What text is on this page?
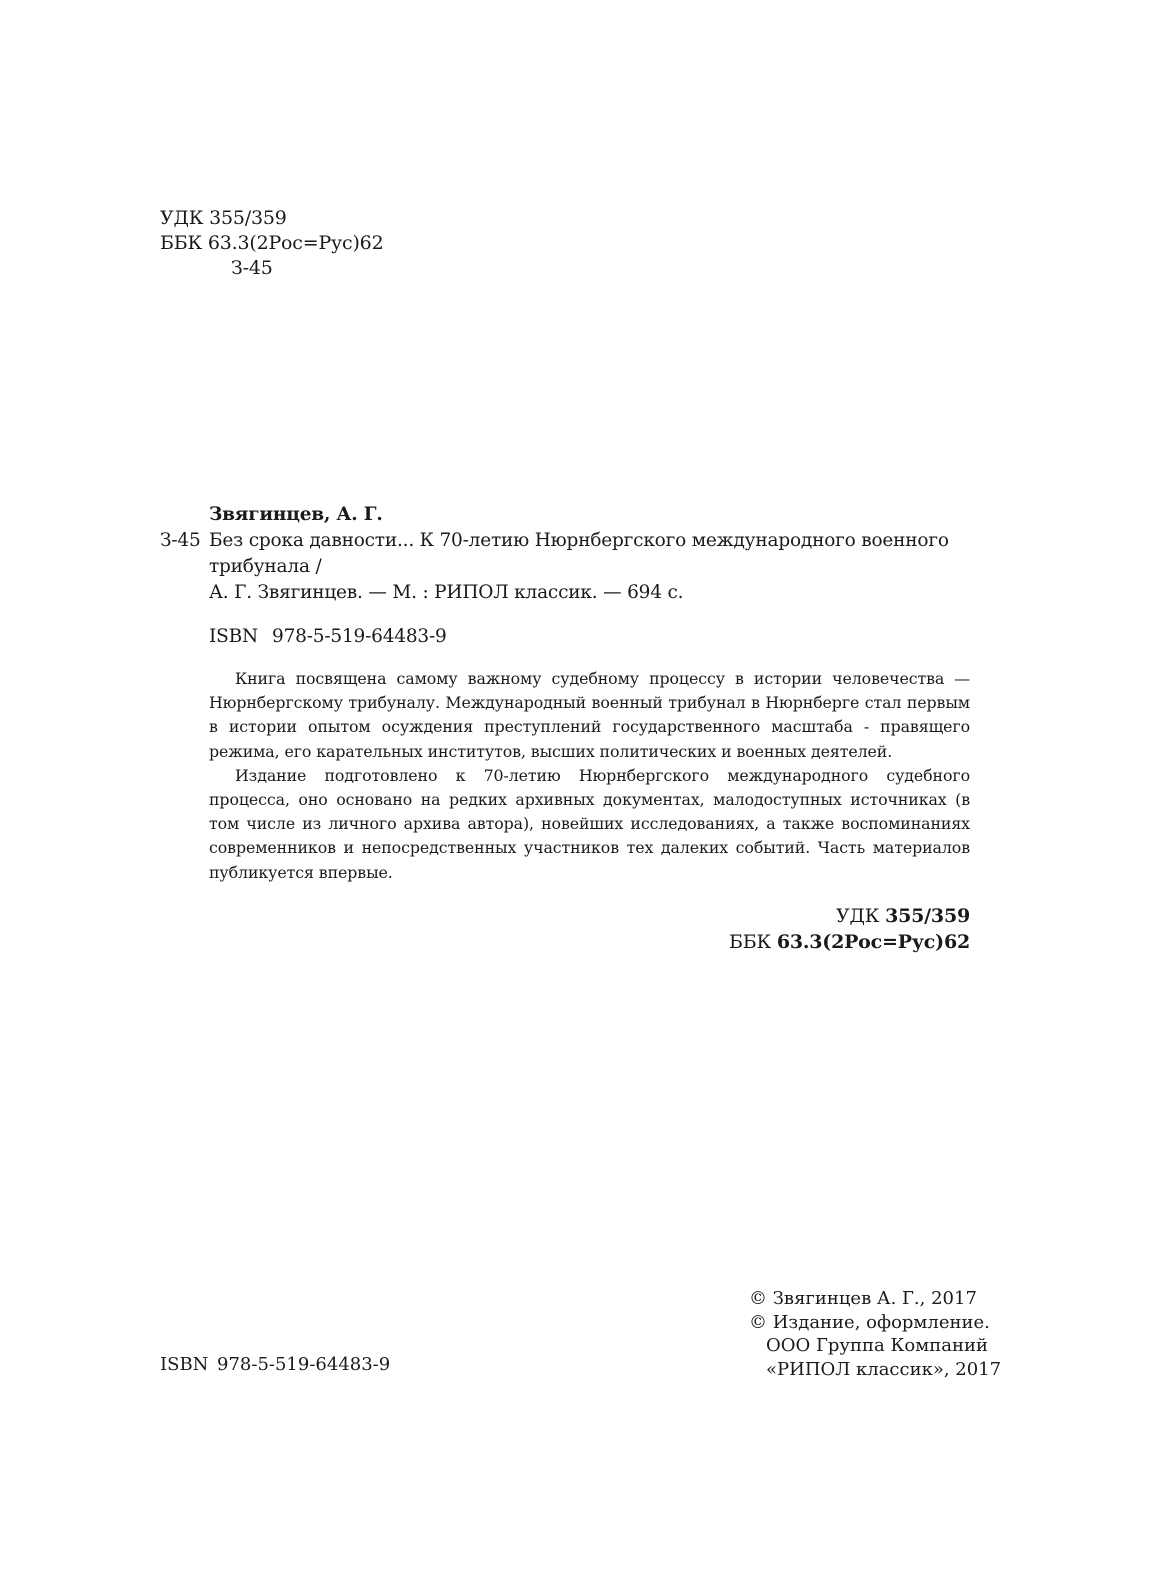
УДК 355/359
ББК 63.3(2Рос=Рус)62
З-45
Звягинцев, А. Г.
З-45 Без срока давности... К 70-летию Нюрнбергского международного военного трибунала /
А. Г. Звягинцев. — М. : РИПОЛ классик. — 694 с.
ISBN 978-5-519-64483-9

Книга посвящена самому важному судебному процессу в истории человечества — Нюрнбергскому трибуналу. Международный военный трибунал в Нюрнберге стал первым в истории опытом осуждения преступлений государственного масштаба - правящего режима, его карательных институтов, высших политических и военных деятелей.

Издание подготовлено к 70-летию Нюрнбергского международного судебного процесса, оно основано на редких архивных документах, малодоступных источниках (в том числе из личного архива автора), новейших исследованиях, а также воспоминаниях современников и непосредственных участников тех далеких событий. Часть материалов публикуется впервые.

УДК 355/359
ББК 63.3(2Рос=Рус)62
ISBN 978-5-519-64483-9
© Звягинцев А. Г., 2017
© Издание, оформление.
ООО Группа Компаний
«РИПОЛ классик», 2017
